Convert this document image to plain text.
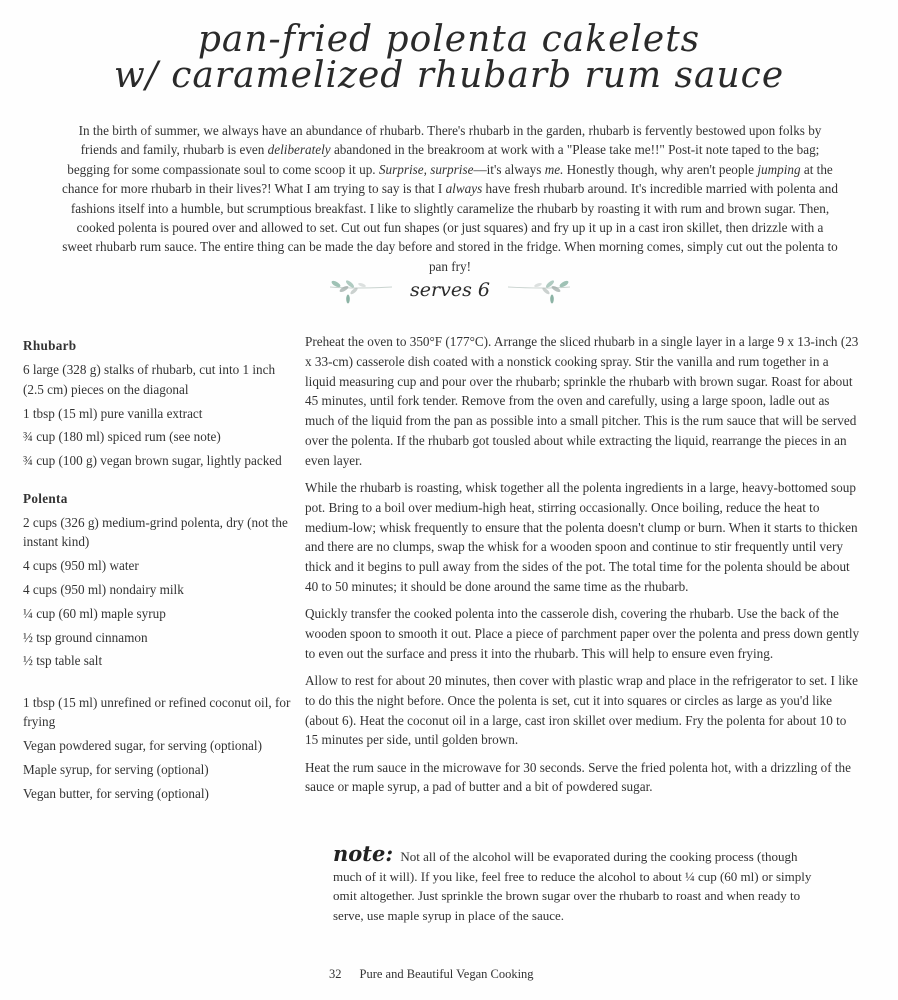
pan-fried polenta cakelets
w/ caramelized rhubarb rum sauce

In the birth of summer, we always have an abundance of rhubarb. There's rhubarb in the garden, rhubarb is fervently bestowed upon folks by friends and family, rhubarb is even deliberately abandoned in the breakroom at work with a "Please take me!!" Post-it note taped to the bag; begging for some compassionate soul to come scoop it up. Surprise, surprise—it's always me. Honestly though, why aren't people jumping at the chance for more rhubarb in their lives?! What I am trying to say is that I always have fresh rhubarb around. It's incredible married with polenta and fashions itself into a humble, but scrumptious breakfast. I like to slightly caramelize the rhubarb by roasting it with rum and brown sugar. Then, cooked polenta is poured over and allowed to set. Cut out fun shapes (or just squares) and fry up it up in a cast iron skillet, then drizzle with a sweet rhubarb rum sauce. The entire thing can be made the day before and stored in the fridge. When morning comes, simply cut out the polenta to pan fry!

serves 6
Rhubarb
6 large (328 g) stalks of rhubarb, cut into 1 inch (2.5 cm) pieces on the diagonal
1 tbsp (15 ml) pure vanilla extract
¾ cup (180 ml) spiced rum (see note)
¾ cup (100 g) vegan brown sugar, lightly packed
Polenta
2 cups (326 g) medium-grind polenta, dry (not the instant kind)
4 cups (950 ml) water
4 cups (950 ml) nondairy milk
¼ cup (60 ml) maple syrup
½ tsp ground cinnamon
½ tsp table salt
1 tbsp (15 ml) unrefined or refined coconut oil, for frying
Vegan powdered sugar, for serving (optional)
Maple syrup, for serving (optional)
Vegan butter, for serving (optional)

Preheat the oven to 350°F (177°C). Arrange the sliced rhubarb in a single layer in a large 9 x 13-inch (23 x 33-cm) casserole dish coated with a nonstick cooking spray. Stir the vanilla and rum together in a liquid measuring cup and pour over the rhubarb; sprinkle the rhubarb with brown sugar. Roast for about 45 minutes, until fork tender. Remove from the oven and carefully, using a large spoon, ladle out as much of the liquid from the pan as possible into a small pitcher. This is the rum sauce that will be served over the polenta. If the rhubarb got tousled about while extracting the liquid, rearrange the pieces in an even layer.

While the rhubarb is roasting, whisk together all the polenta ingredients in a large, heavy-bottomed soup pot. Bring to a boil over medium-high heat, stirring occasionally. Once boiling, reduce the heat to medium-low; whisk frequently to ensure that the polenta doesn't clump or burn. When it starts to thicken and there are no clumps, swap the whisk for a wooden spoon and continue to stir frequently until very thick and it begins to pull away from the sides of the pot. The total time for the polenta should be about 40 to 50 minutes; it should be done around the same time as the rhubarb.

Quickly transfer the cooked polenta into the casserole dish, covering the rhubarb. Use the back of the wooden spoon to smooth it out. Place a piece of parchment paper over the polenta and press down gently to even out the surface and press it into the rhubarb. This will help to ensure even frying.

Allow to rest for about 20 minutes, then cover with plastic wrap and place in the refrigerator to set. I like to do this the night before. Once the polenta is set, cut it into squares or circles as large as you'd like (about 6). Heat the coconut oil in a large, cast iron skillet over medium. Fry the polenta for about 10 to 15 minutes per side, until golden brown.

Heat the rum sauce in the microwave for 30 seconds. Serve the fried polenta hot, with a drizzling of the sauce or maple syrup, a pad of butter and a bit of powdered sugar.

note: Not all of the alcohol will be evaporated during the cooking process (though much of it will). If you like, feel free to reduce the alcohol to about ¼ cup (60 ml) or simply omit altogether. Just sprinkle the brown sugar over the rhubarb to roast and when ready to serve, use maple syrup in place of the sauce.

32 Pure and Beautiful Vegan Cooking
